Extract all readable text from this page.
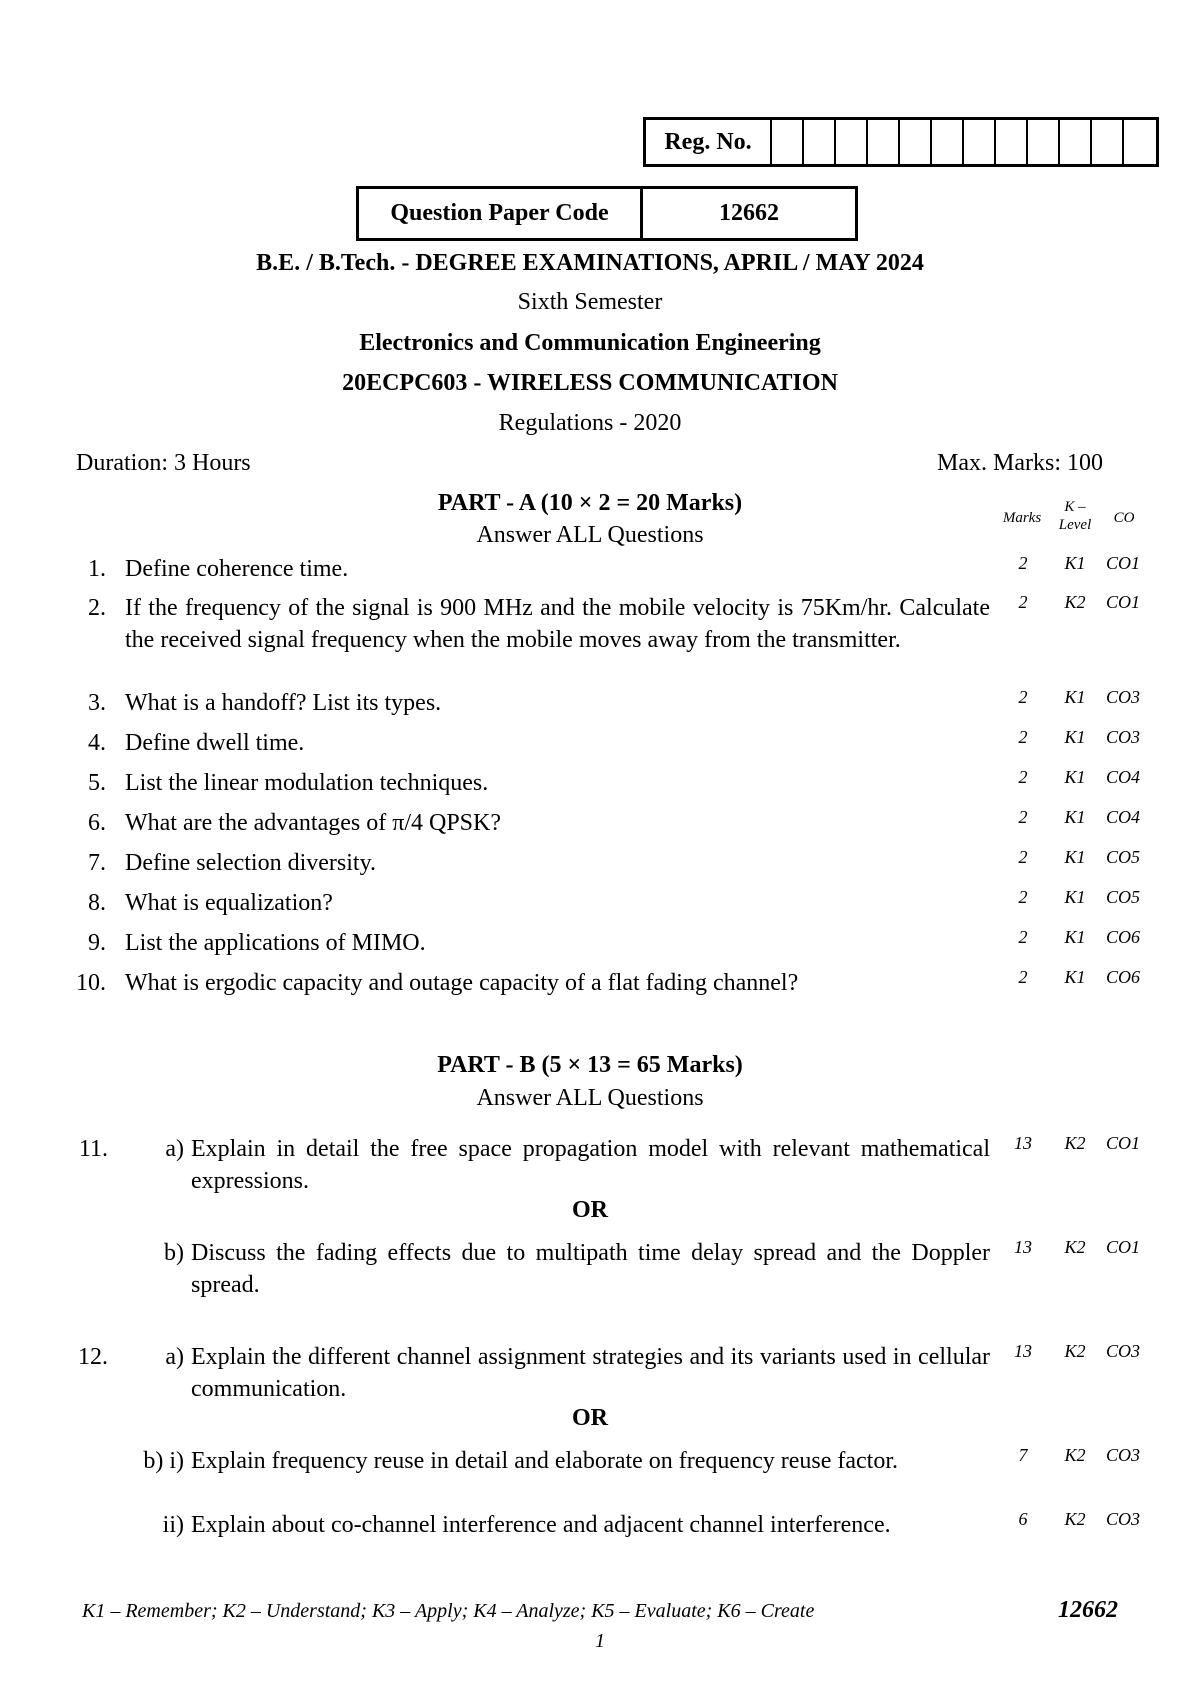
Reg. No.
Question Paper Code	12662
B.E. / B.Tech. - DEGREE EXAMINATIONS, APRIL / MAY 2024
Sixth Semester
Electronics and Communication Engineering
20ECPC603 - WIRELESS COMMUNICATION
Regulations - 2020
Duration: 3 Hours	Max. Marks: 100
PART - A (10 × 2 = 20 Marks)
Answer ALL Questions
Marks
K –
Level	CO
1. Define coherence time.	2	K1	CO1
2. If the frequency of the signal is 900 MHz and the mobile velocity is 75Km/hr. Calculate the received signal frequency when the mobile moves away from the transmitter.
2	K2	CO1
3. What is a handoff? List its types.	2	K1	CO3
4. Define dwell time.	2	K1	CO3
5. List the linear modulation techniques.	2	K1	CO4
6. What are the advantages of π/4 QPSK?	2	K1	CO4
7. Define selection diversity.	2	K1	CO5
8. What is equalization?	2	K1	CO5
9. List the applications of MIMO.	2	K1	CO6
10. What is ergodic capacity and outage capacity of a flat fading channel?	2	K1	CO6
PART - B (5 × 13 = 65 Marks)
Answer ALL Questions
11.	a) Explain in detail the free space propagation model with relevant mathematical expressions.
13	K2	CO1
OR
b) Discuss the fading effects due to multipath time delay spread and the Doppler spread.
13	K2	CO1
12.	a) Explain the different channel assignment strategies and its variants used in cellular communication.
13	K2	CO3
OR
b) i) Explain frequency reuse in detail and elaborate on frequency reuse factor.	7	K2	CO3
ii) Explain about co-channel interference and adjacent channel interference.	6	K2	CO3
K1 – Remember; K2 – Understand; K3 – Apply; K4 – Analyze; K5 – Evaluate; K6 – Create	12662
1
